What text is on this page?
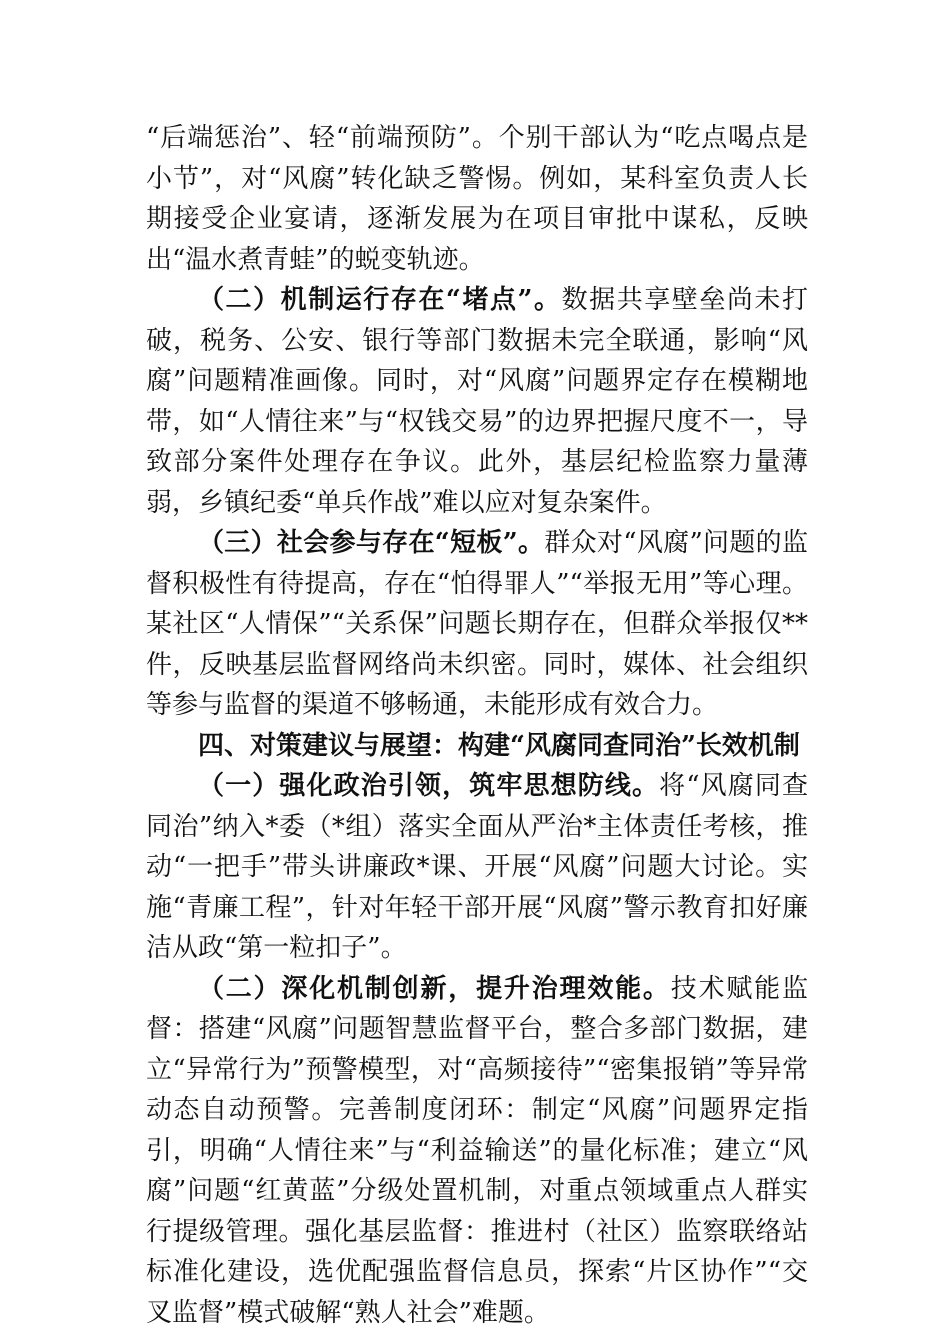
“后端惩治”、轻“前端预防”。个别干部认为“吃点喝点是小节”，对“风腐”转化缺乏警惕。例如，某科室负责人长期接受企业宴请，逐渐发展为在项目审批中谋私，反映出“温水煮青蛙”的蜕变轨迹。

（二）机制运行存在“堵点”。数据共享壁垒尚未打破，税务、公安、银行等部门数据未完全联通，影响“风腐”问题精准画像。同时，对“风腐”问题界定存在模糊地带，如“人情往来”与“权钱交易”的边界把握尺度不一，导致部分案件处理存在争议。此外，基层纪检监察力量薄弱，乡镇纪委“单兵作战”难以应对复杂案件。

（三）社会参与存在“短板”。群众对“风腐”问题的监督积极性有待提高，存在“怕得罪人”“举报无用”等心理。某社区“人情保”“关系保”问题长期存在，但群众举报仅**件，反映基层监督网络尚未织密。同时，媒体、社会组织等参与监督的渠道不够畅通，未能形成有效合力。

四、对策建议与展望：构建“风腐同查同治”长效机制

（一）强化政治引领，筑牢思想防线。将“风腐同查同治”纳入*委（*组）落实全面从严治*主体责任考核，推动“一把手”带头讲廉政*课、开展“风腐”问题大讨论。实施“青廉工程”，针对年轻干部开展“风腐”警示教育扣好廉洁从政“第一粒扣子”。

（二）深化机制创新，提升治理效能。技术赋能监督：搭建“风腐”问题智慧监督平台，整合多部门数据，建立“异常行为”预警模型，对“高频接待”“密集报销”等异常动态自动预警。完善制度闭环：制定“风腐”问题界定指引，明确“人情往来”与“利益输送”的量化标准；建立“风腐”问题“红黄蓝”分级处置机制，对重点领域重点人群实行提级管理。强化基层监督：推进村（社区）监察联络站标准化建设，选优配强监督信息员，探索“片区协作”“交叉监督”模式破解“熟人社会”难题。
